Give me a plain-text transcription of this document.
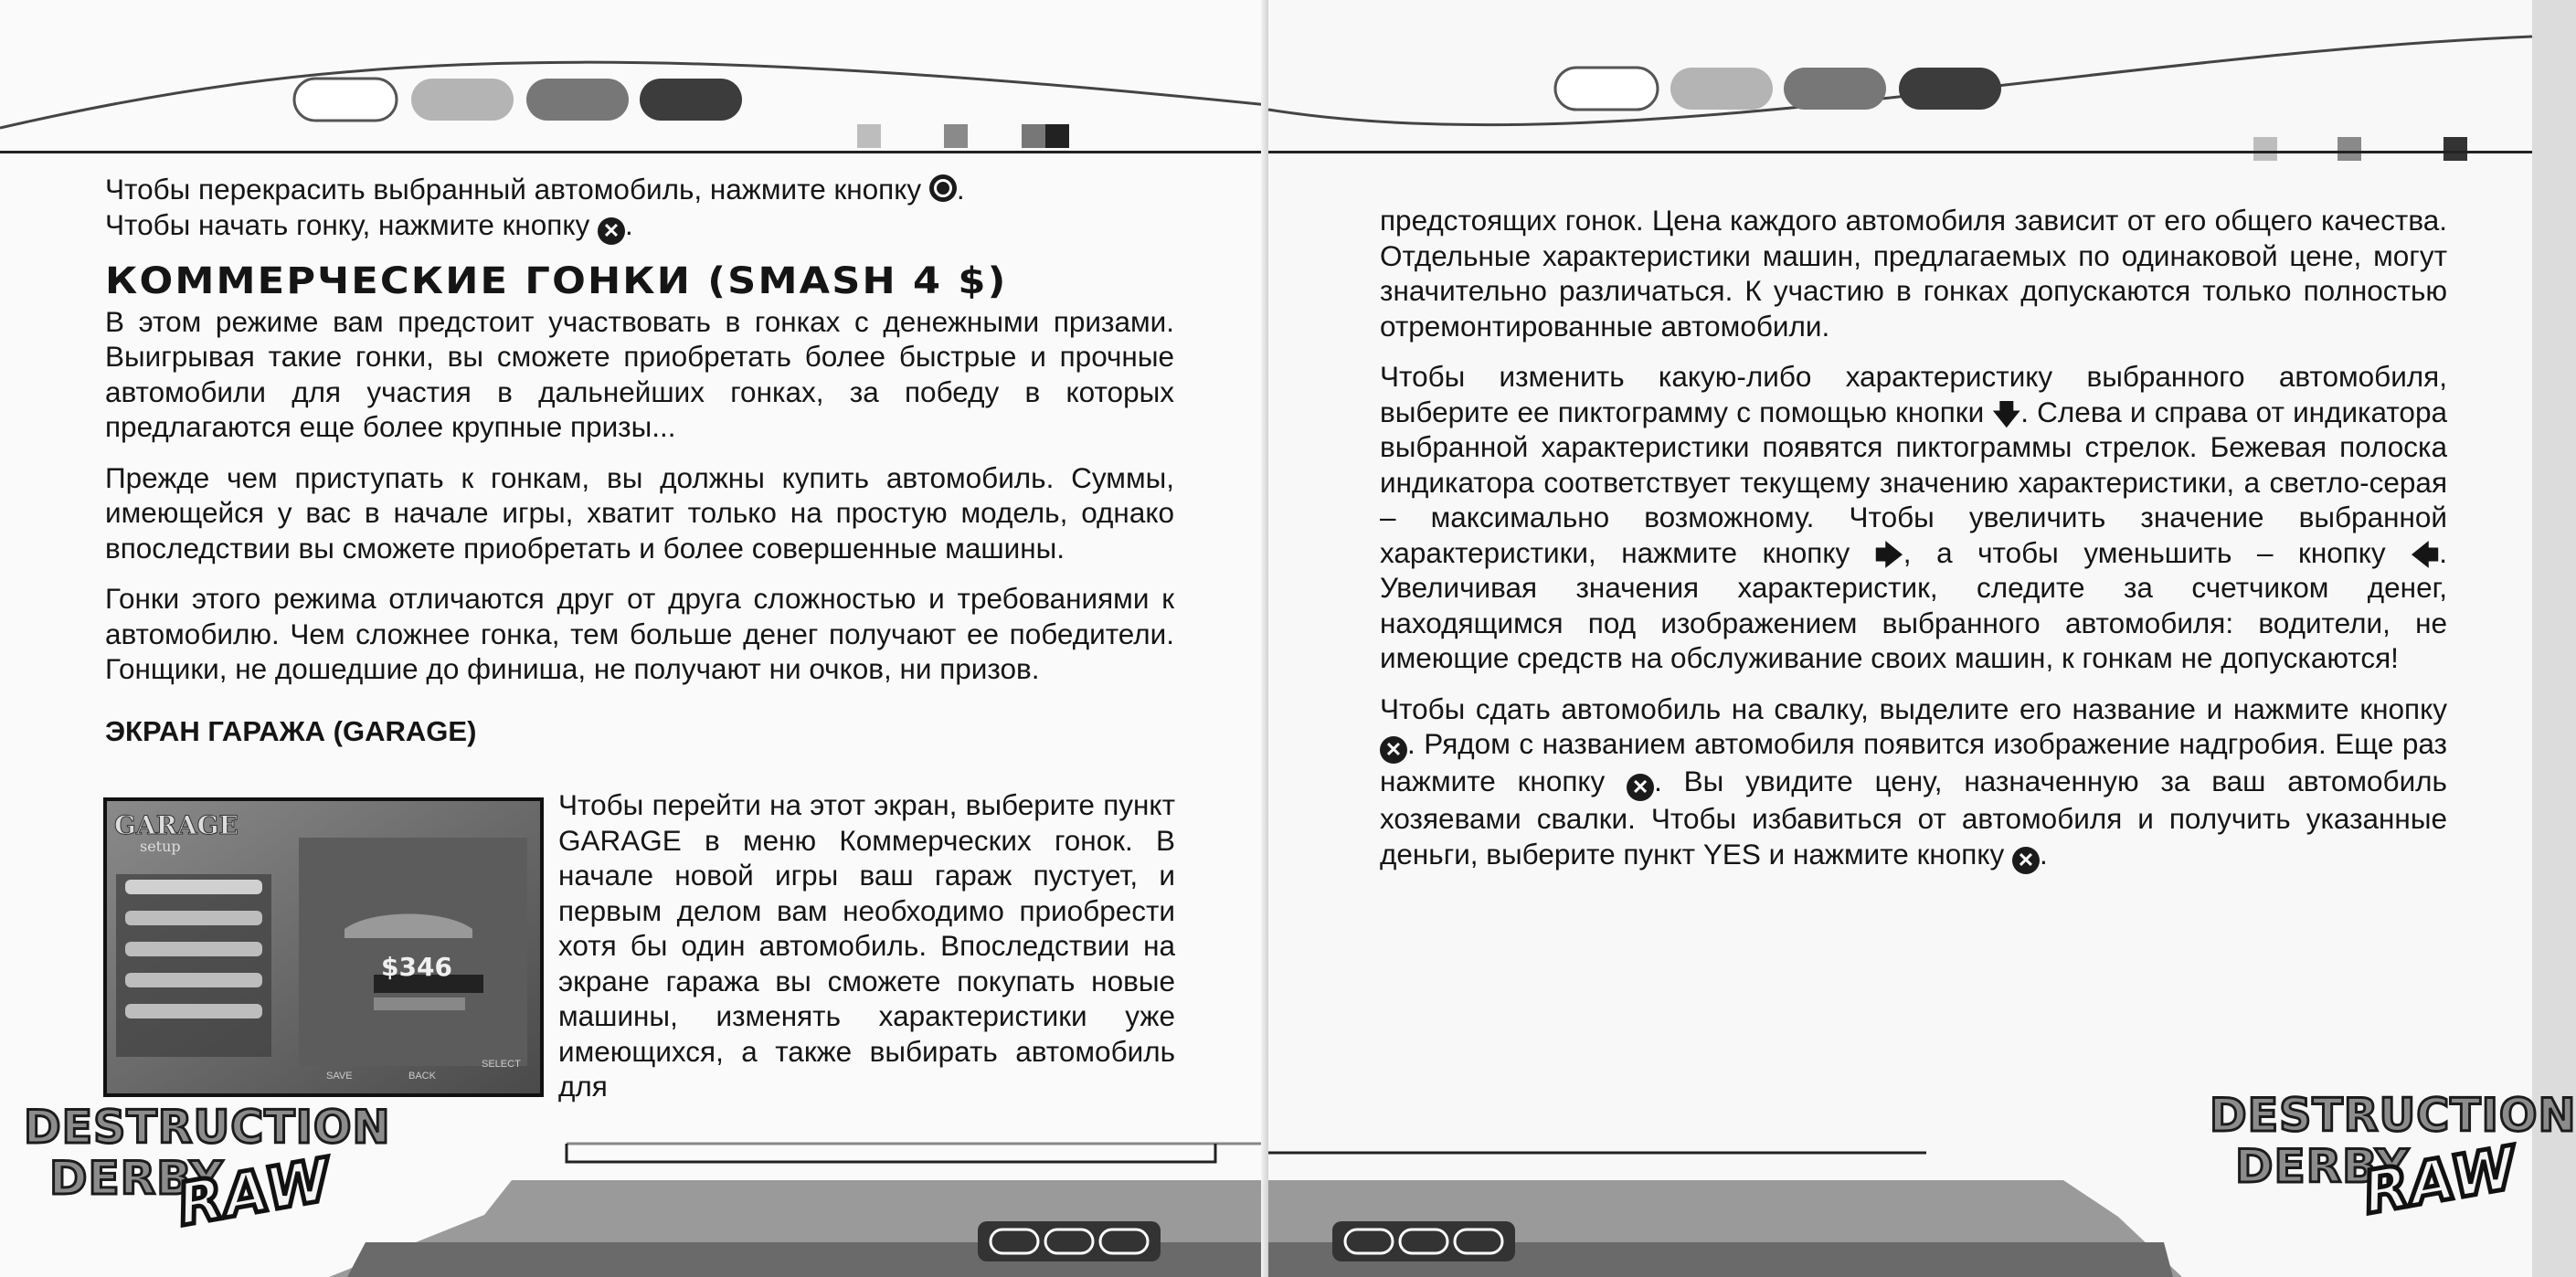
Чтобы перекрасить выбранный автомобиль, нажмите кнопку .

Чтобы начать гонку, нажмите кнопку ✕ .

КОММЕРЧЕСКИЕ ГОНКИ (SMASH 4 $)

В этом режиме вам предстоит участвовать в гонках с денежными призами. Выигрывая такие гонки, вы сможете приобретать более быстрые и прочные автомобили для участия в дальнейших гонках, за победу в которых предлагаются еще более крупные призы...

Прежде чем приступать к гонкам, вы должны купить автомобиль. Суммы, имеющейся у вас в начале игры, хватит только на простую модель, однако впоследствии вы сможете приобретать и более совершенные машины.

Гонки этого режима отличаются друг от друга сложностью и требованиями к автомобилю. Чем сложнее гонка, тем больше денег получают ее победители. Гонщики, не дошедшие до финиша, не получают ни очков, ни призов.

ЭКРАН ГАРАЖА (GARAGE)

Чтобы перейти на этот экран, выберите пункт GARAGE в меню Коммерческих гонок. В начале новой игры ваш гараж пустует, и первым делом вам необходимо приобрести хотя бы один автомобиль. Впоследствии на экране гаража вы сможете покупать новые машины, изменять характеристики уже имеющихся, а также выбирать автомобиль для

GARAGE
setup
$346
SAVE	BACK
SELECT
DESTRUCTION
DERBY
RAW

предстоящих гонок. Цена каждого автомобиля зависит от его общего качества. Отдельные характеристики машин, предлагаемых по одинаковой цене, могут значительно различаться. К участию в гонках допускаются только полностью отремонтированные автомобили.

Чтобы изменить какую-либо характеристику выбранного автомобиля, выберите ее пиктограмму с помощью кнопки 🡇. Слева и справа от индикатора выбранной характеристики появятся пиктограммы стрелок. Бежевая полоска индикатора соответствует текущему значению характеристики, а светло-серая – максимально возможному. Чтобы увеличить значение выбранной характеристики, нажмите кнопку 🡆, а чтобы уменьшить – кнопку 🡄. Увеличивая значения характеристик, следите за счетчиком денег, находящимся под изображением выбранного автомобиля: водители, не имеющие средств на обслуживание своих машин, к гонкам не допускаются!

Чтобы сдать автомобиль на свалку, выделите его название и нажмите кнопку ✕. Рядом с названием автомобиля появится изображение надгробия. Еще раз нажмите кнопку ✕ . Вы увидите цену, назначенную за ваш автомобиль хозяевами свалки. Чтобы избавиться от автомобиля и получить указанные деньги, выберите пункт YES и нажмите кнопку ✕ .

DESTRUCTION
DERBY
RAW
